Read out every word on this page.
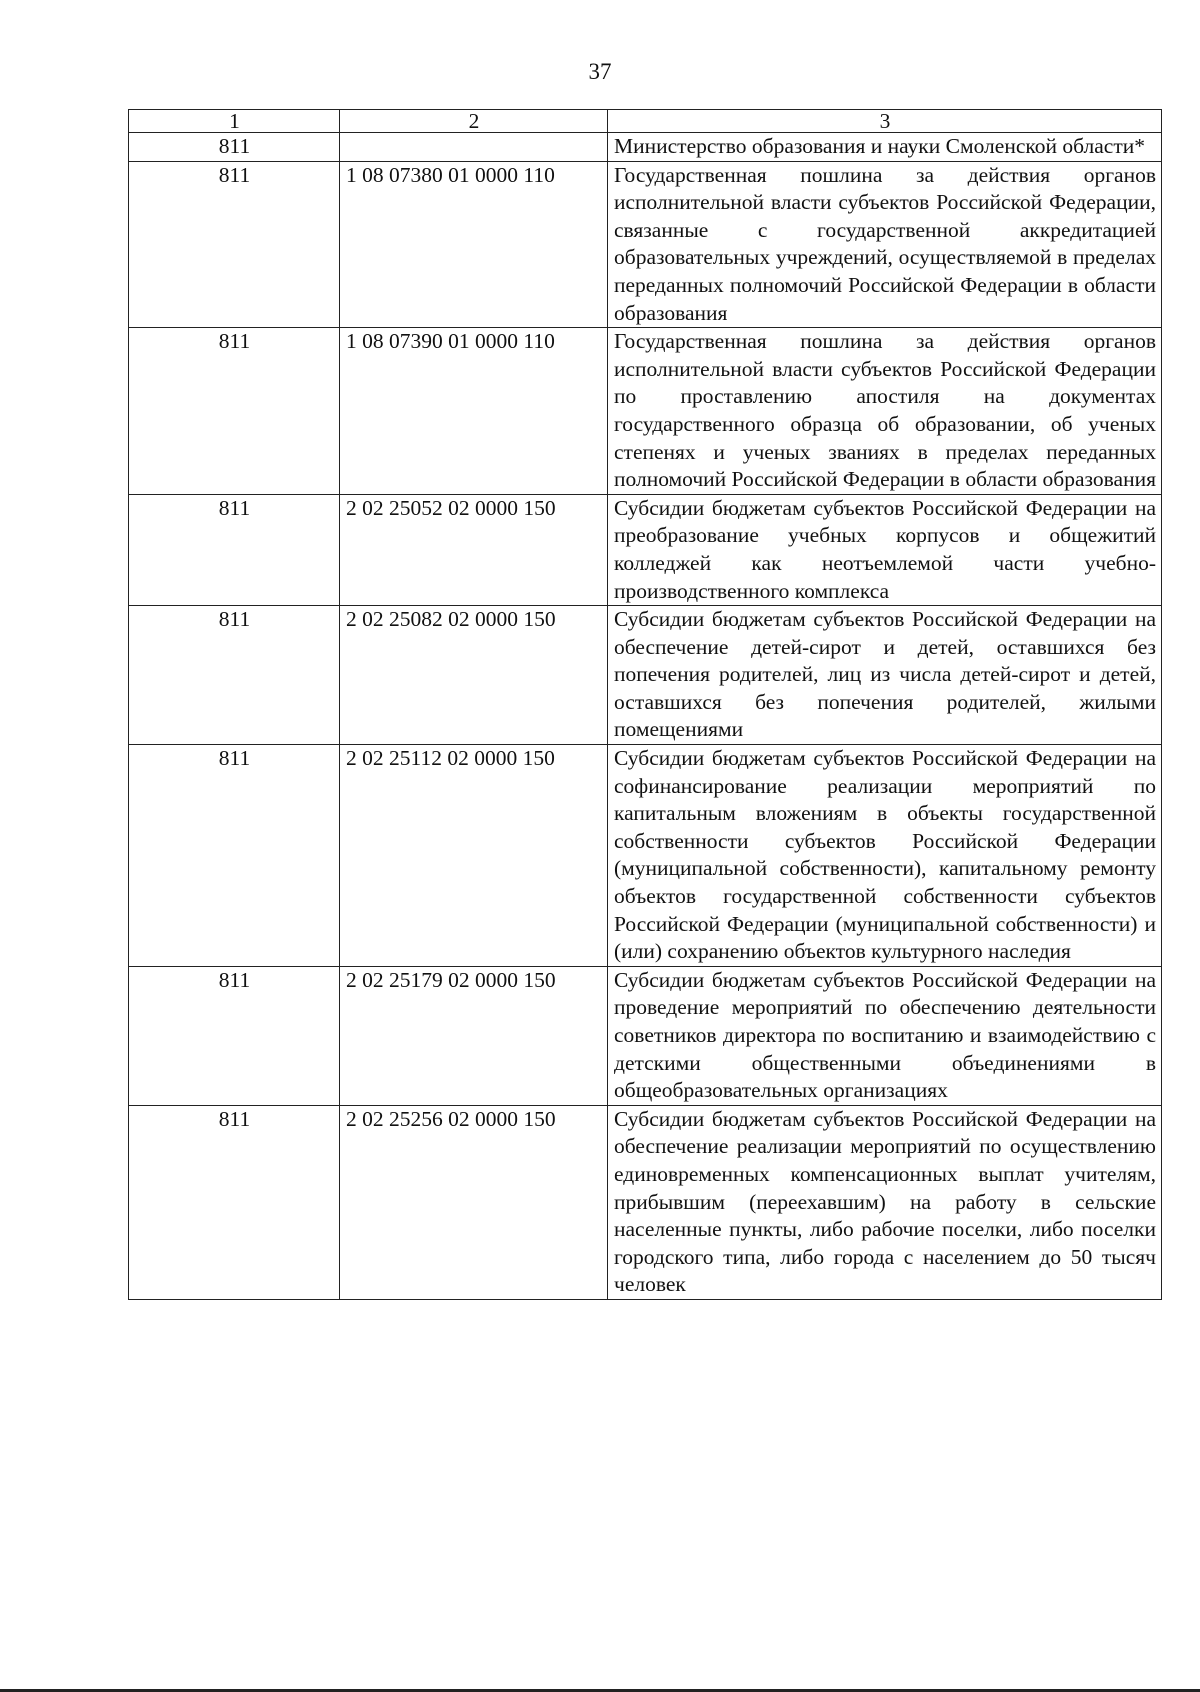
37
1	2	3
811		Министерство образования и науки Смоленской области*
811	1 08 07380 01 0000 110	Государственная пошлина за действия органов исполнительной власти субъектов Российской Федерации, связанные с государственной аккредитацией образовательных учреждений, осуществляемой в пределах переданных полномочий Российской Федерации в области образования
811	1 08 07390 01 0000 110	Государственная пошлина за действия органов исполнительной власти субъектов Российской Федерации по проставлению апостиля на документах государственного образца об образовании, об ученых степенях и ученых званиях в пределах переданных полномочий Российской Федерации в области образования
811	2 02 25052 02 0000 150	Субсидии бюджетам субъектов Российской Федерации на преобразование учебных корпусов и общежитий колледжей как неотъемлемой части учебно-производственного комплекса
811	2 02 25082 02 0000 150	Субсидии бюджетам субъектов Российской Федерации на обеспечение детей-сирот и детей, оставшихся без попечения родителей, лиц из числа детей-сирот и детей, оставшихся без попечения родителей, жилыми помещениями
811	2 02 25112 02 0000 150	Субсидии бюджетам субъектов Российской Федерации на софинансирование реализации мероприятий по капитальным вложениям в объекты государственной собственности субъектов Российской Федерации (муниципальной собственности), капитальному ремонту объектов государственной собственности субъектов Российской Федерации (муниципальной собственности) и (или) сохранению объектов культурного наследия
811	2 02 25179 02 0000 150	Субсидии бюджетам субъектов Российской Федерации на проведение мероприятий по обеспечению деятельности советников директора по воспитанию и взаимодействию с детскими общественными объединениями в общеобразовательных организациях
811	2 02 25256 02 0000 150	Субсидии бюджетам субъектов Российской Федерации на обеспечение реализации мероприятий по осуществлению единовременных компенсационных выплат учителям, прибывшим (переехавшим) на работу в сельские населенные пункты, либо рабочие поселки, либо поселки городского типа, либо города с населением до 50 тысяч человек
